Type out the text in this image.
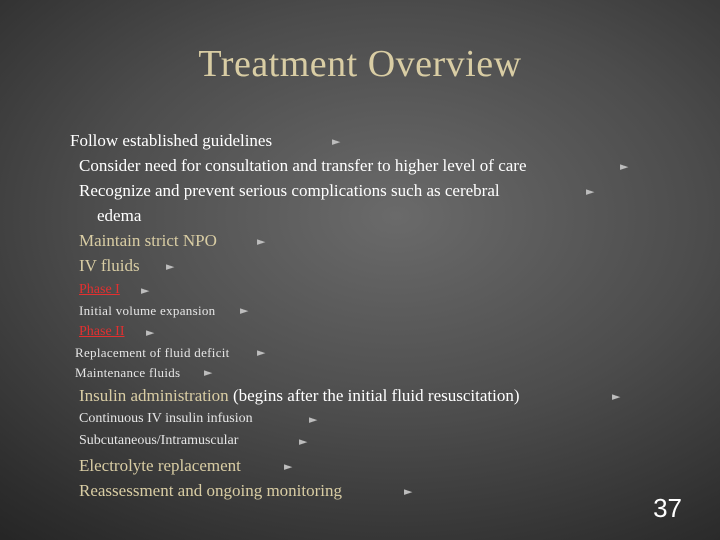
Treatment Overview
Follow established guidelines	►
Consider need for consultation and transfer to higher level of care	►
Recognize and prevent serious complications such as cerebral	►
edema
Maintain strict NPO	►
IV fluids ►
Phase I ►
Initial volume expansion ►
Phase II ►
Replacement of fluid deficit ►
Maintenance fluids ►
Insulin administration (begins after the initial fluid resuscitation)	►
Continuous IV insulin infusion	►
Subcutaneous/Intramuscular	►
Electrolyte replacement	►
Reassessment and ongoing monitoring	►
37
